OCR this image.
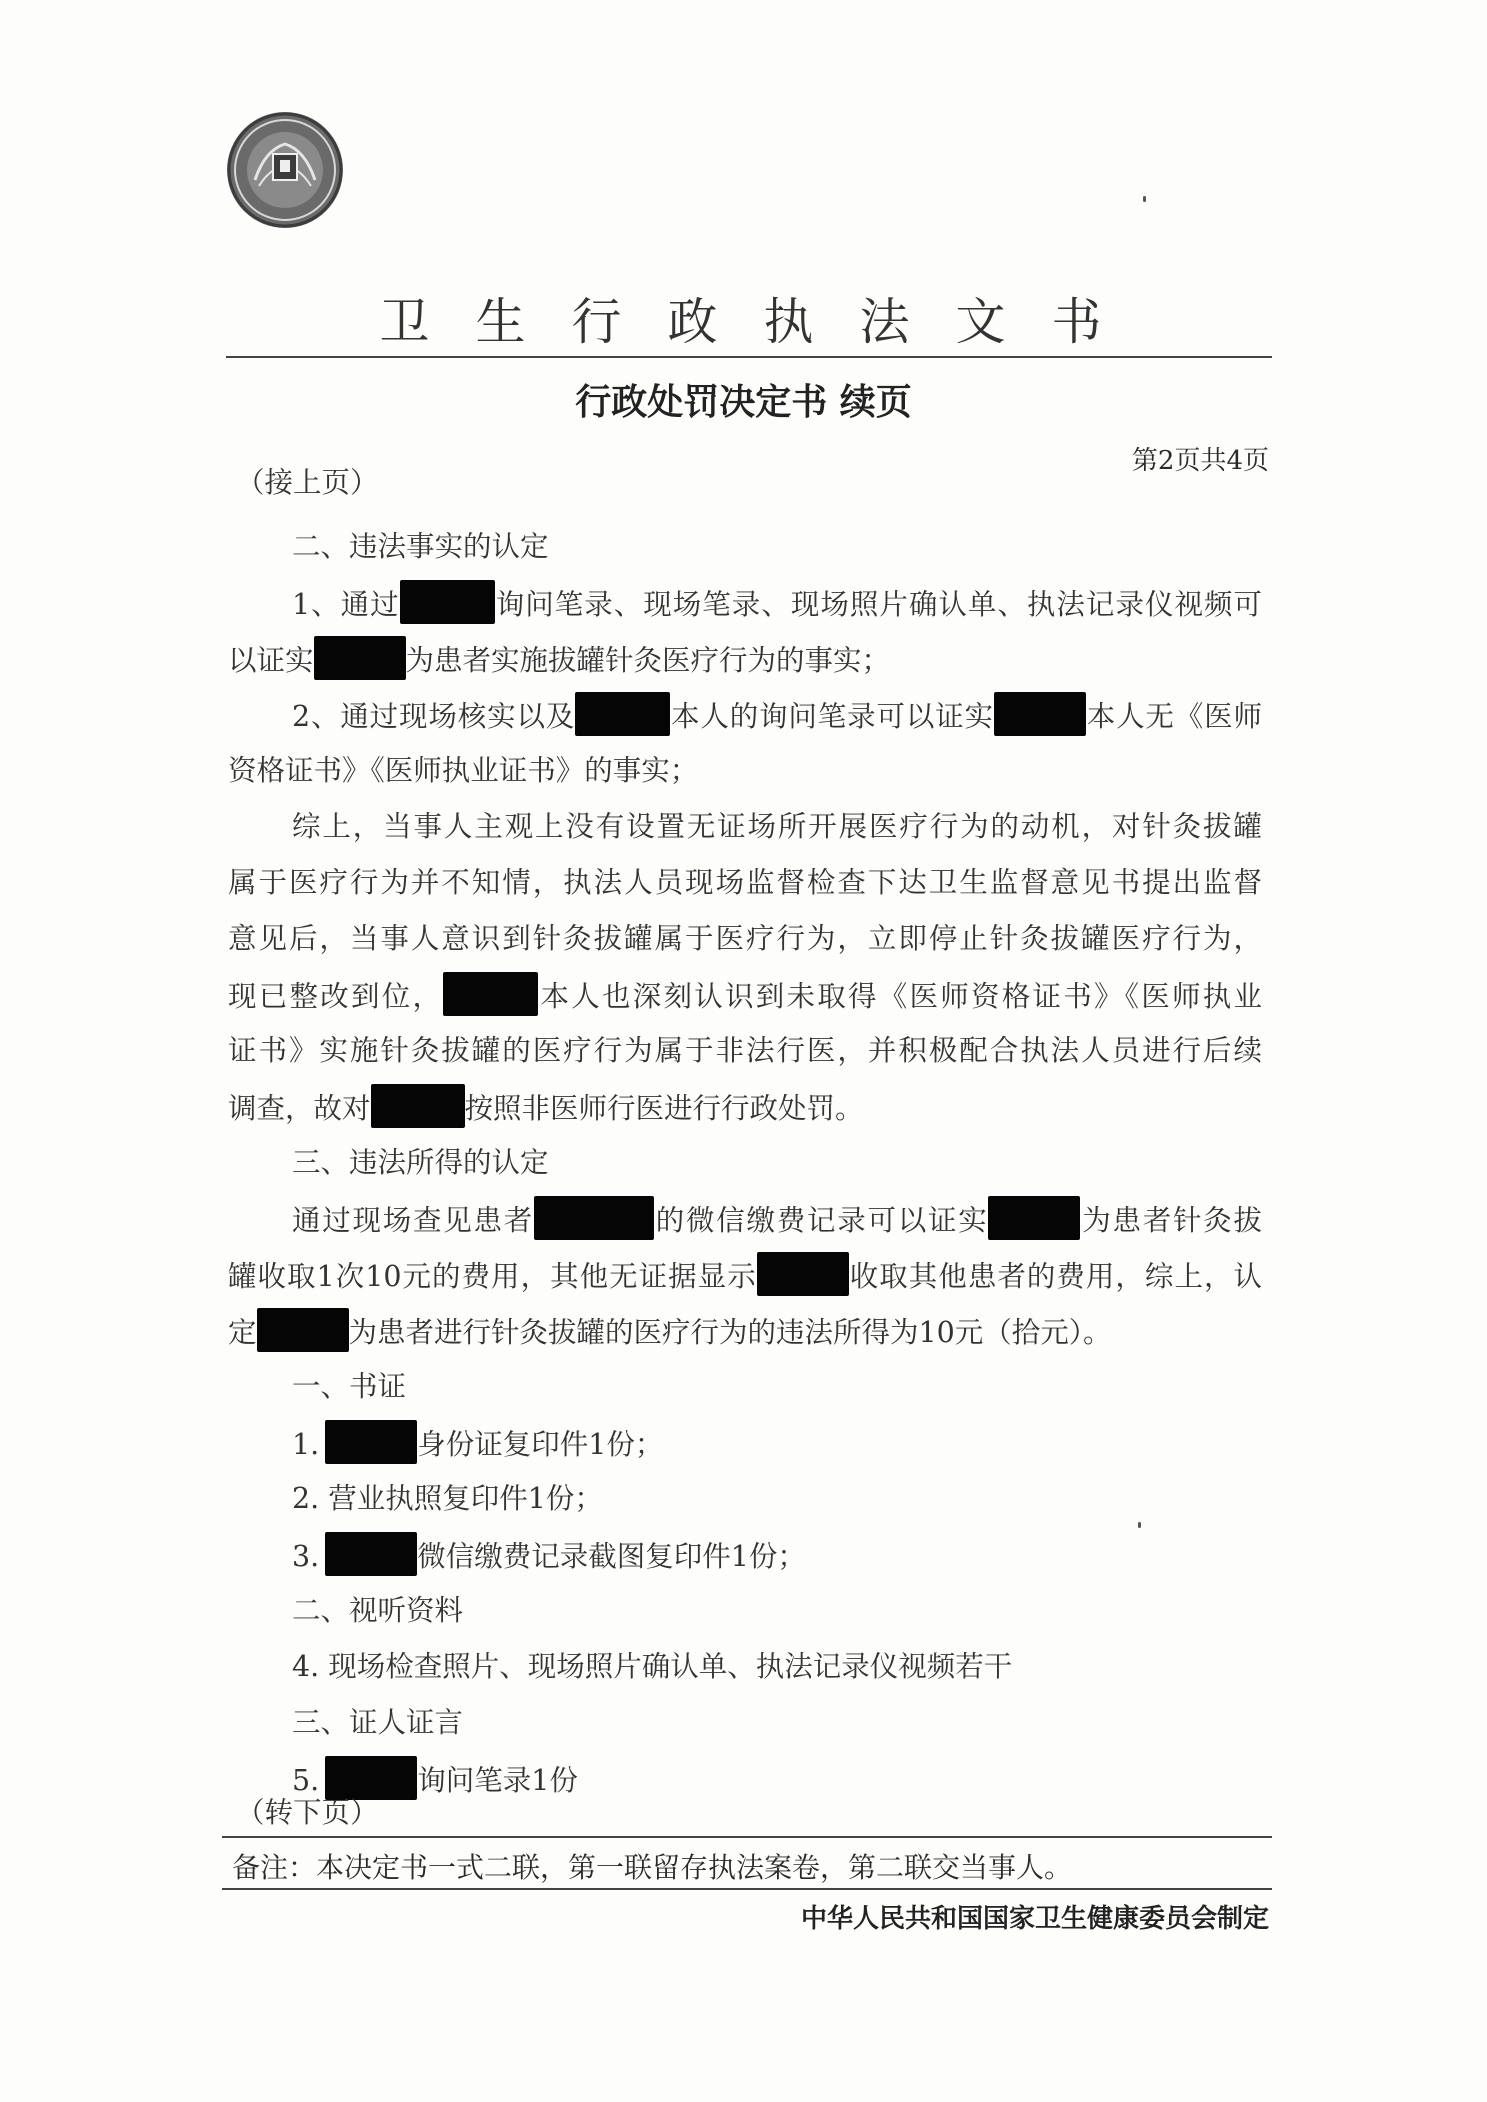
卫生行政执法文书
行政处罚决定书 续页
第2页共4页
（接上页）
二、违法事实的认定
1、通过	询问笔录、现场笔录、现场照片确认单、执法记录仪视频可
以证实	为患者实施拔罐针灸医疗行为的事实；
2、通过现场核实以及	本人的询问笔录可以证实	本人无《医师
资格证书》《医师执业证书》的事实；
综上，当事人主观上没有设置无证场所开展医疗行为的动机，对针灸拔罐
属于医疗行为并不知情，执法人员现场监督检查下达卫生监督意见书提出监督
意见后，当事人意识到针灸拔罐属于医疗行为，立即停止针灸拔罐医疗行为，
现已整改到位，	本人也深刻认识到未取得《医师资格证书》《医师执业
证书》实施针灸拔罐的医疗行为属于非法行医，并积极配合执法人员进行后续
调查，故对	按照非医师行医进行行政处罚。
三、违法所得的认定
通过现场查见患者	的微信缴费记录可以证实	为患者针灸拔
罐收取1次10元的费用，其他无证据显示	收取其他患者的费用，综上，认
定	为患者进行针灸拔罐的医疗行为的违法所得为10元（拾元）。
一、书证
1.	身份证复印件1份；
2. 营业执照复印件1份；
3.	微信缴费记录截图复印件1份；
二、视听资料
4. 现场检查照片、现场照片确认单、执法记录仪视频若干
三、证人证言
5.	询问笔录1份
（转下页）
备注：本决定书一式二联，第一联留存执法案卷，第二联交当事人。
中华人民共和国国家卫生健康委员会制定
